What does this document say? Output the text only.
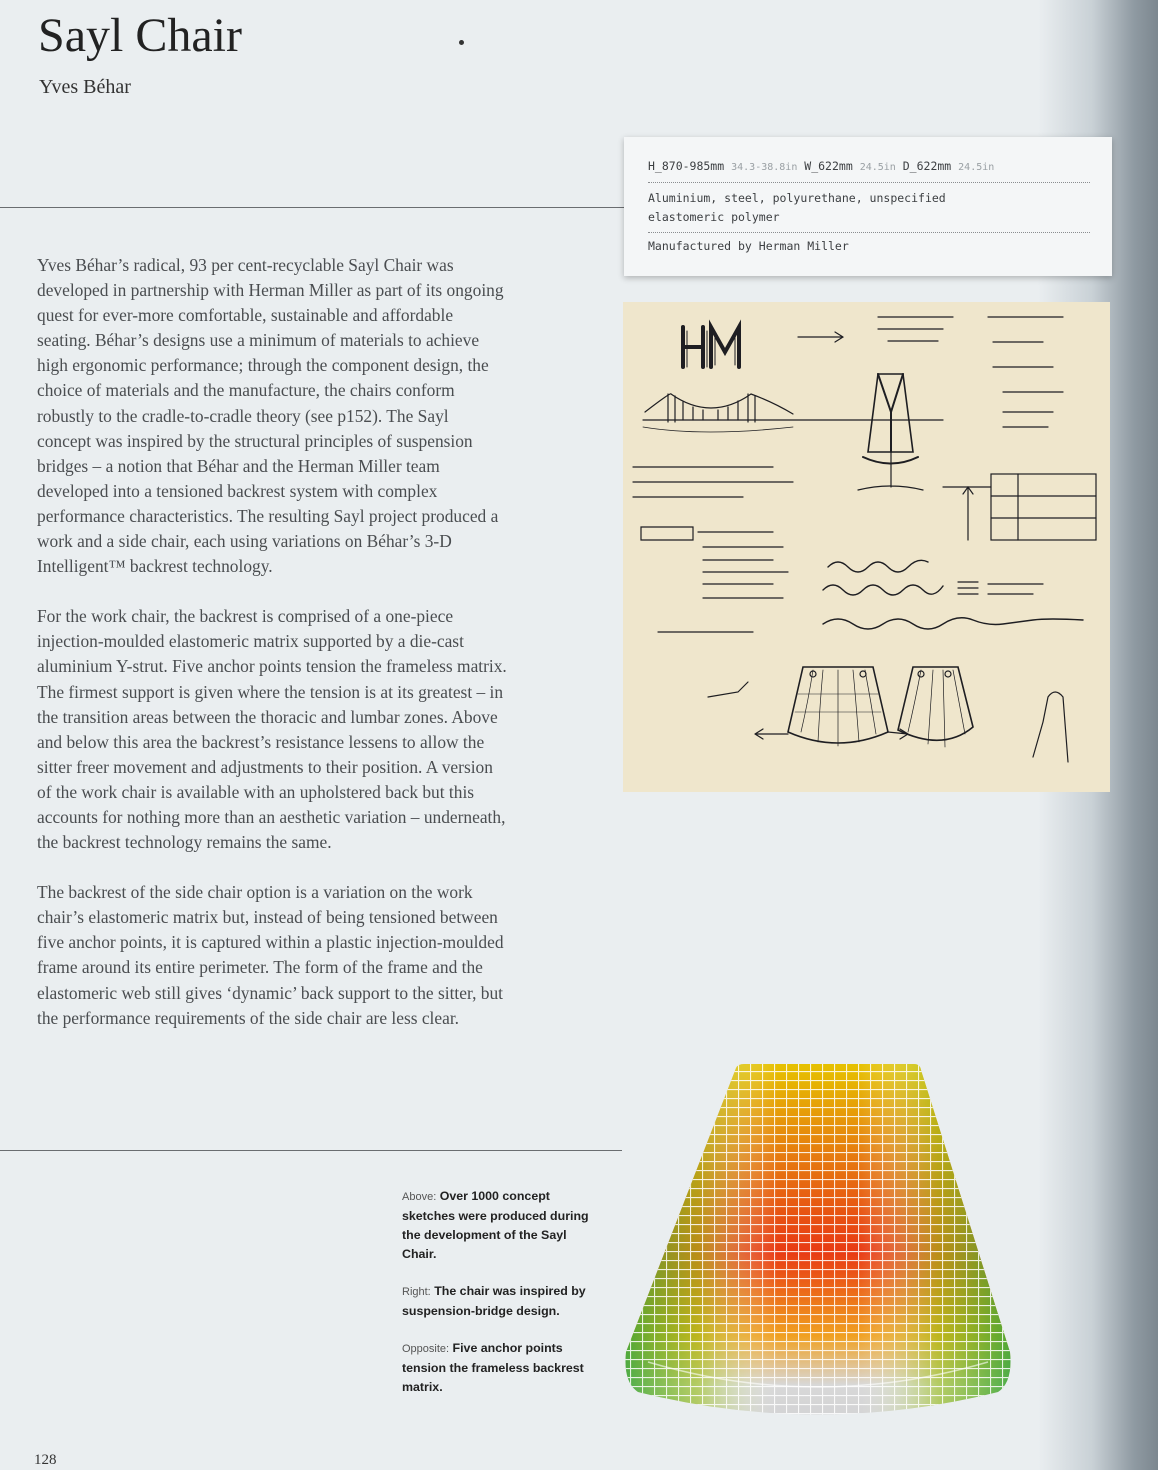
Sayl Chair
Yves Béhar

Yves Béhar’s radical, 93 per cent-recyclable Sayl Chair was developed in partnership with Herman Miller as part of its ongoing quest for ever-more comfortable, sustainable and affordable seating. Béhar’s designs use a minimum of materials to achieve high ergonomic performance; through the component design, the choice of materials and the manufacture, the chairs conform robustly to the cradle-to-cradle theory (see p152). The Sayl concept was inspired by the structural principles of suspension bridges – a notion that Béhar and the Herman Miller team developed into a tensioned backrest system with complex performance characteristics. The resulting Sayl project produced a work and a side chair, each using variations on Béhar’s 3-D Intelligent™ backrest technology.

For the work chair, the backrest is comprised of a one-piece injection-moulded elastomeric matrix supported by a die-cast aluminium Y-strut. Five anchor points tension the frameless matrix. The firmest support is given where the tension is at its greatest – in the transition areas between the thoracic and lumbar zones. Above and below this area the backrest’s resistance lessens to allow the sitter freer movement and adjustments to their position. A version of the work chair is available with an upholstered back but this accounts for nothing more than an aesthetic variation – underneath, the backrest technology remains the same.

The backrest of the side chair option is a variation on the work chair’s elastomeric matrix but, instead of being tensioned between five anchor points, it is captured within a plastic injection-moulded frame around its entire perimeter. The form of the frame and the elastomeric web still gives ‘dynamic’ back support to the sitter, but the performance requirements of the side chair are less clear.

H_870-985mm 34.3-38.8in W_622mm 24.5in D_622mm 24.5in
Aluminium, steel, polyurethane, unspecified
elastomeric polymer
Manufactured by Herman Miller
Above: Over 1000 concept sketches were produced during the development of the Sayl Chair.
Right: The chair was inspired by suspension-bridge design.
Opposite: Five anchor points tension the frameless backrest matrix.
128
